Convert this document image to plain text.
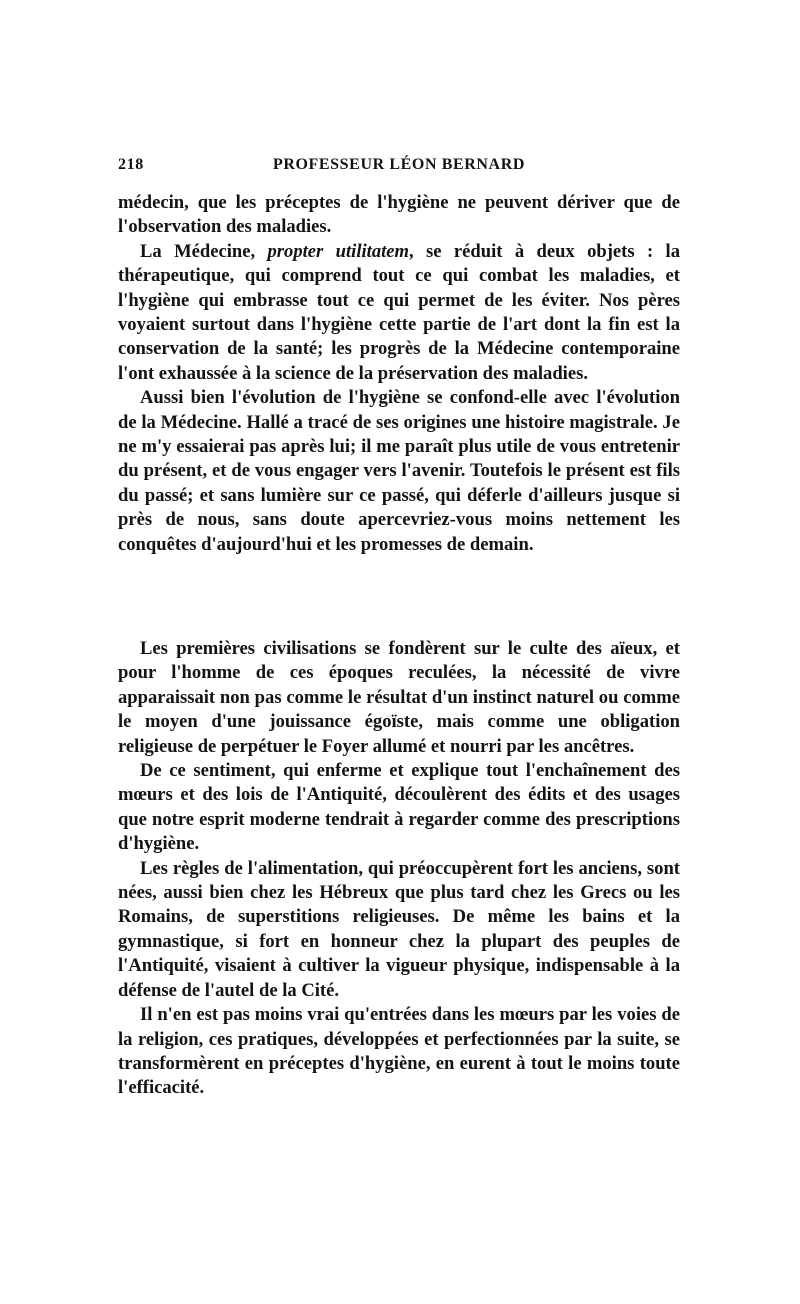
218	PROFESSEUR LÉON BERNARD

médecin, que les préceptes de l'hygiène ne peuvent dériver que de l'observation des maladies.

La Médecine, propter utilitatem, se réduit à deux objets : la thérapeutique, qui comprend tout ce qui combat les maladies, et l'hygiène qui embrasse tout ce qui permet de les éviter. Nos pères voyaient surtout dans l'hygiène cette partie de l'art dont la fin est la conservation de la santé; les progrès de la Médecine contemporaine l'ont exhaussée à la science de la préservation des maladies.

Aussi bien l'évolution de l'hygiène se confond-elle avec l'évolution de la Médecine. Hallé a tracé de ses origines une histoire magistrale. Je ne m'y essaierai pas après lui; il me paraît plus utile de vous entretenir du présent, et de vous engager vers l'avenir. Toutefois le présent est fils du passé; et sans lumière sur ce passé, qui déferle d'ailleurs jusque si près de nous, sans doute apercevriez-vous moins nettement les conquêtes d'aujourd'hui et les promesses de demain.

Les premières civilisations se fondèrent sur le culte des aïeux, et pour l'homme de ces époques reculées, la nécessité de vivre apparaissait non pas comme le résultat d'un instinct naturel ou comme le moyen d'une jouissance égoïste, mais comme une obligation religieuse de perpétuer le Foyer allumé et nourri par les ancêtres.

De ce sentiment, qui enferme et explique tout l'enchaînement des mœurs et des lois de l'Antiquité, découlèrent des édits et des usages que notre esprit moderne tendrait à regarder comme des prescriptions d'hygiène.

Les règles de l'alimentation, qui préoccupèrent fort les anciens, sont nées, aussi bien chez les Hébreux que plus tard chez les Grecs ou les Romains, de superstitions religieuses. De même les bains et la gymnastique, si fort en honneur chez la plupart des peuples de l'Antiquité, visaient à cultiver la vigueur physique, indispensable à la défense de l'autel de la Cité.

Il n'en est pas moins vrai qu'entrées dans les mœurs par les voies de la religion, ces pratiques, développées et perfectionnées par la suite, se transformèrent en préceptes d'hygiène, en eurent à tout le moins toute l'efficacité.
